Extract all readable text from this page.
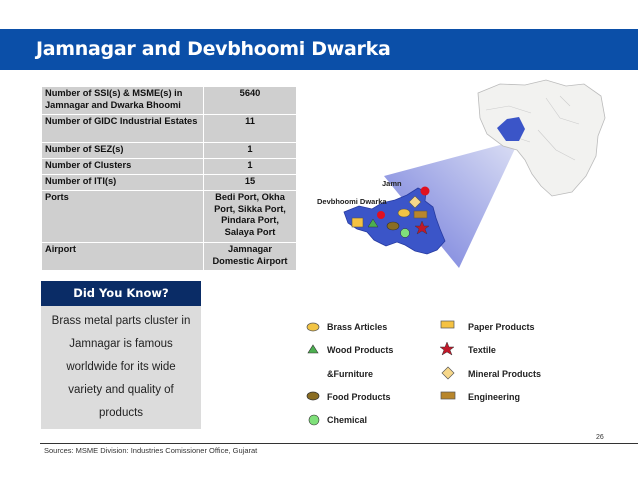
Jamnagar and Devbhoomi Dwarka
Number of SSI(s) & MSME(s) in Jamnagar and Dwarka Bhoomi	5640
Number of GIDC Industrial Estates	11
Number of SEZ(s)	1
Number of Clusters	1
Number of ITI(s)	15
Ports	Bedi Port, Okha Port, Sikka Port, Pindara Port, Salaya Port
Airport	Jamnagar Domestic Airport
Did You Know?
Brass metal parts cluster in
Jamnagar is famous
worldwide for its wide
variety and quality of
products
Devbhoomi Dwarka
Jamn
Brass Articles
Wood Products
&Furniture
Food Products
Chemical
Paper Products
Textile
Mineral Products
Engineering
26
Sources: MSME Division: Industries Comissioner Office, Gujarat
